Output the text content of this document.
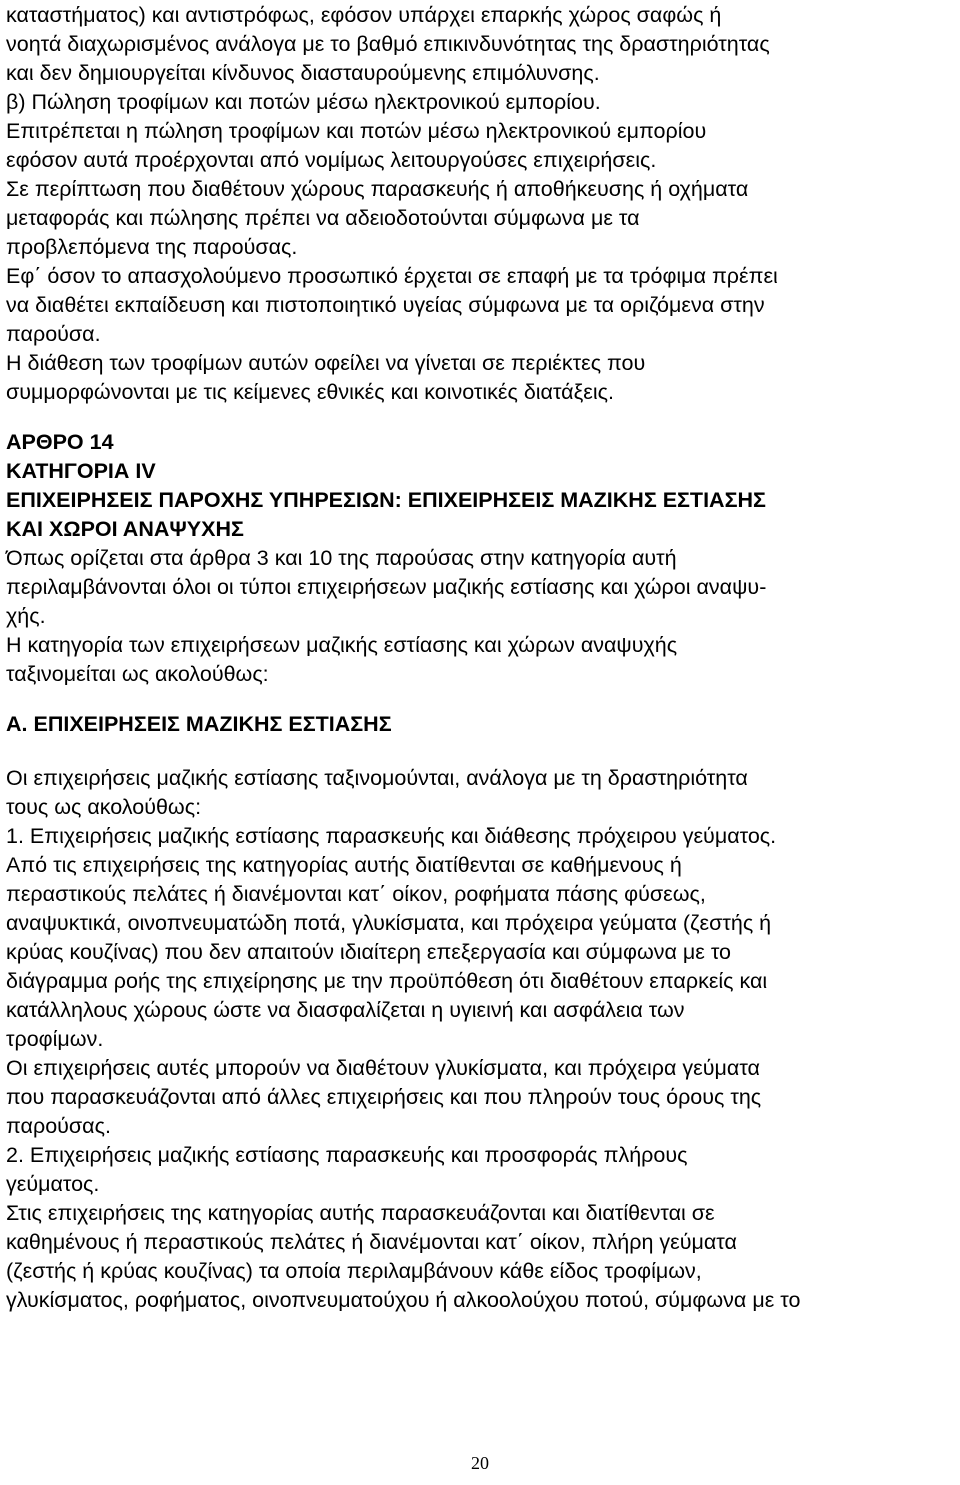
καταστήματος) και αντιστρόφως, εφόσον υπάρχει επαρκής χώρος σαφώς ή
νοητά διαχωρισμένος ανάλογα με το βαθμό επικινδυνότητας της δραστηριότητας
και δεν δημιουργείται κίνδυνος διασταυρούμενης επιμόλυνσης.
β) Πώληση τροφίμων και ποτών μέσω ηλεκτρονικού εμπορίου.
Επιτρέπεται η πώληση τροφίμων και ποτών μέσω ηλεκτρονικού εμπορίου
εφόσον αυτά προέρχονται από νομίμως λειτουργούσες επιχειρήσεις.
Σε περίπτωση που διαθέτουν χώρους παρασκευής ή αποθήκευσης ή οχήματα
μεταφοράς και πώλησης πρέπει να αδειοδοτούνται σύμφωνα με τα
προβλεπόμενα της παρούσας.
Εφ΄ όσον το απασχολούμενο προσωπικό έρχεται σε επαφή με τα τρόφιμα πρέπει
να διαθέτει εκπαίδευση και πιστοποιητικό υγείας σύμφωνα με τα οριζόμενα στην
παρούσα.
Η διάθεση των τροφίμων αυτών οφείλει να γίνεται σε περιέκτες που
συμμορφώνονται με τις κείμενες εθνικές και κοινοτικές διατάξεις.
ΑΡΘΡΟ 14
ΚΑΤΗΓΟΡΙΑ ΙV
ΕΠΙΧΕΙΡΗΣΕΙΣ ΠΑΡΟΧΗΣ ΥΠΗΡΕΣΙΩΝ: ΕΠΙΧΕΙΡΗΣΕΙΣ ΜΑΖΙΚΗΣ ΕΣΤΙΑΣΗΣ
ΚΑΙ ΧΩΡΟΙ ΑΝΑΨΥΧΗΣ
Όπως ορίζεται στα άρθρα 3 και 10 της παρούσας στην κατηγορία αυτή
περιλαμβάνονται όλοι οι τύποι επιχειρήσεων μαζικής εστίασης και χώροι αναψυ-
χής.
Η κατηγορία των επιχειρήσεων μαζικής εστίασης και χώρων αναψυχής
ταξινομείται ως ακολούθως:
Α. ΕΠΙΧΕΙΡΗΣΕΙΣ ΜΑΖΙΚΗΣ ΕΣΤΙΑΣΗΣ
Οι επιχειρήσεις μαζικής εστίασης ταξινομούνται, ανάλογα με τη δραστηριότητα
τους ως ακολούθως:
1. Επιχειρήσεις μαζικής εστίασης παρασκευής και διάθεσης πρόχειρου γεύματος.
Από τις επιχειρήσεις της κατηγορίας αυτής διατίθενται σε καθήμενους ή
περαστικούς πελάτες ή διανέμονται κατ΄ οίκον, ροφήματα πάσης φύσεως,
αναψυκτικά, οινοπνευματώδη ποτά, γλυκίσματα, και πρόχειρα γεύματα (ζεστής ή
κρύας κουζίνας) που δεν απαιτούν ιδιαίτερη επεξεργασία και σύμφωνα με το
διάγραμμα ροής της επιχείρησης με την προϋπόθεση ότι διαθέτουν επαρκείς και
κατάλληλους χώρους ώστε να διασφαλίζεται η υγιεινή και ασφάλεια των
τροφίμων.
Οι επιχειρήσεις αυτές μπορούν να διαθέτουν γλυκίσματα, και πρόχειρα γεύματα
που παρασκευάζονται από άλλες επιχειρήσεις και που πληρούν τους όρους της
παρούσας.
2. Επιχειρήσεις μαζικής εστίασης παρασκευής και προσφοράς πλήρους
γεύματος.
Στις επιχειρήσεις της κατηγορίας αυτής παρασκευάζονται και διατίθενται σε
καθημένους ή περαστικούς πελάτες ή διανέμονται κατ΄ οίκον, πλήρη γεύματα
(ζεστής ή κρύας κουζίνας) τα οποία περιλαμβάνουν κάθε είδος τροφίμων,
γλυκίσματος, ροφήματος, οινοπνευματούχου ή αλκοολούχου ποτού, σύμφωνα με το
20
